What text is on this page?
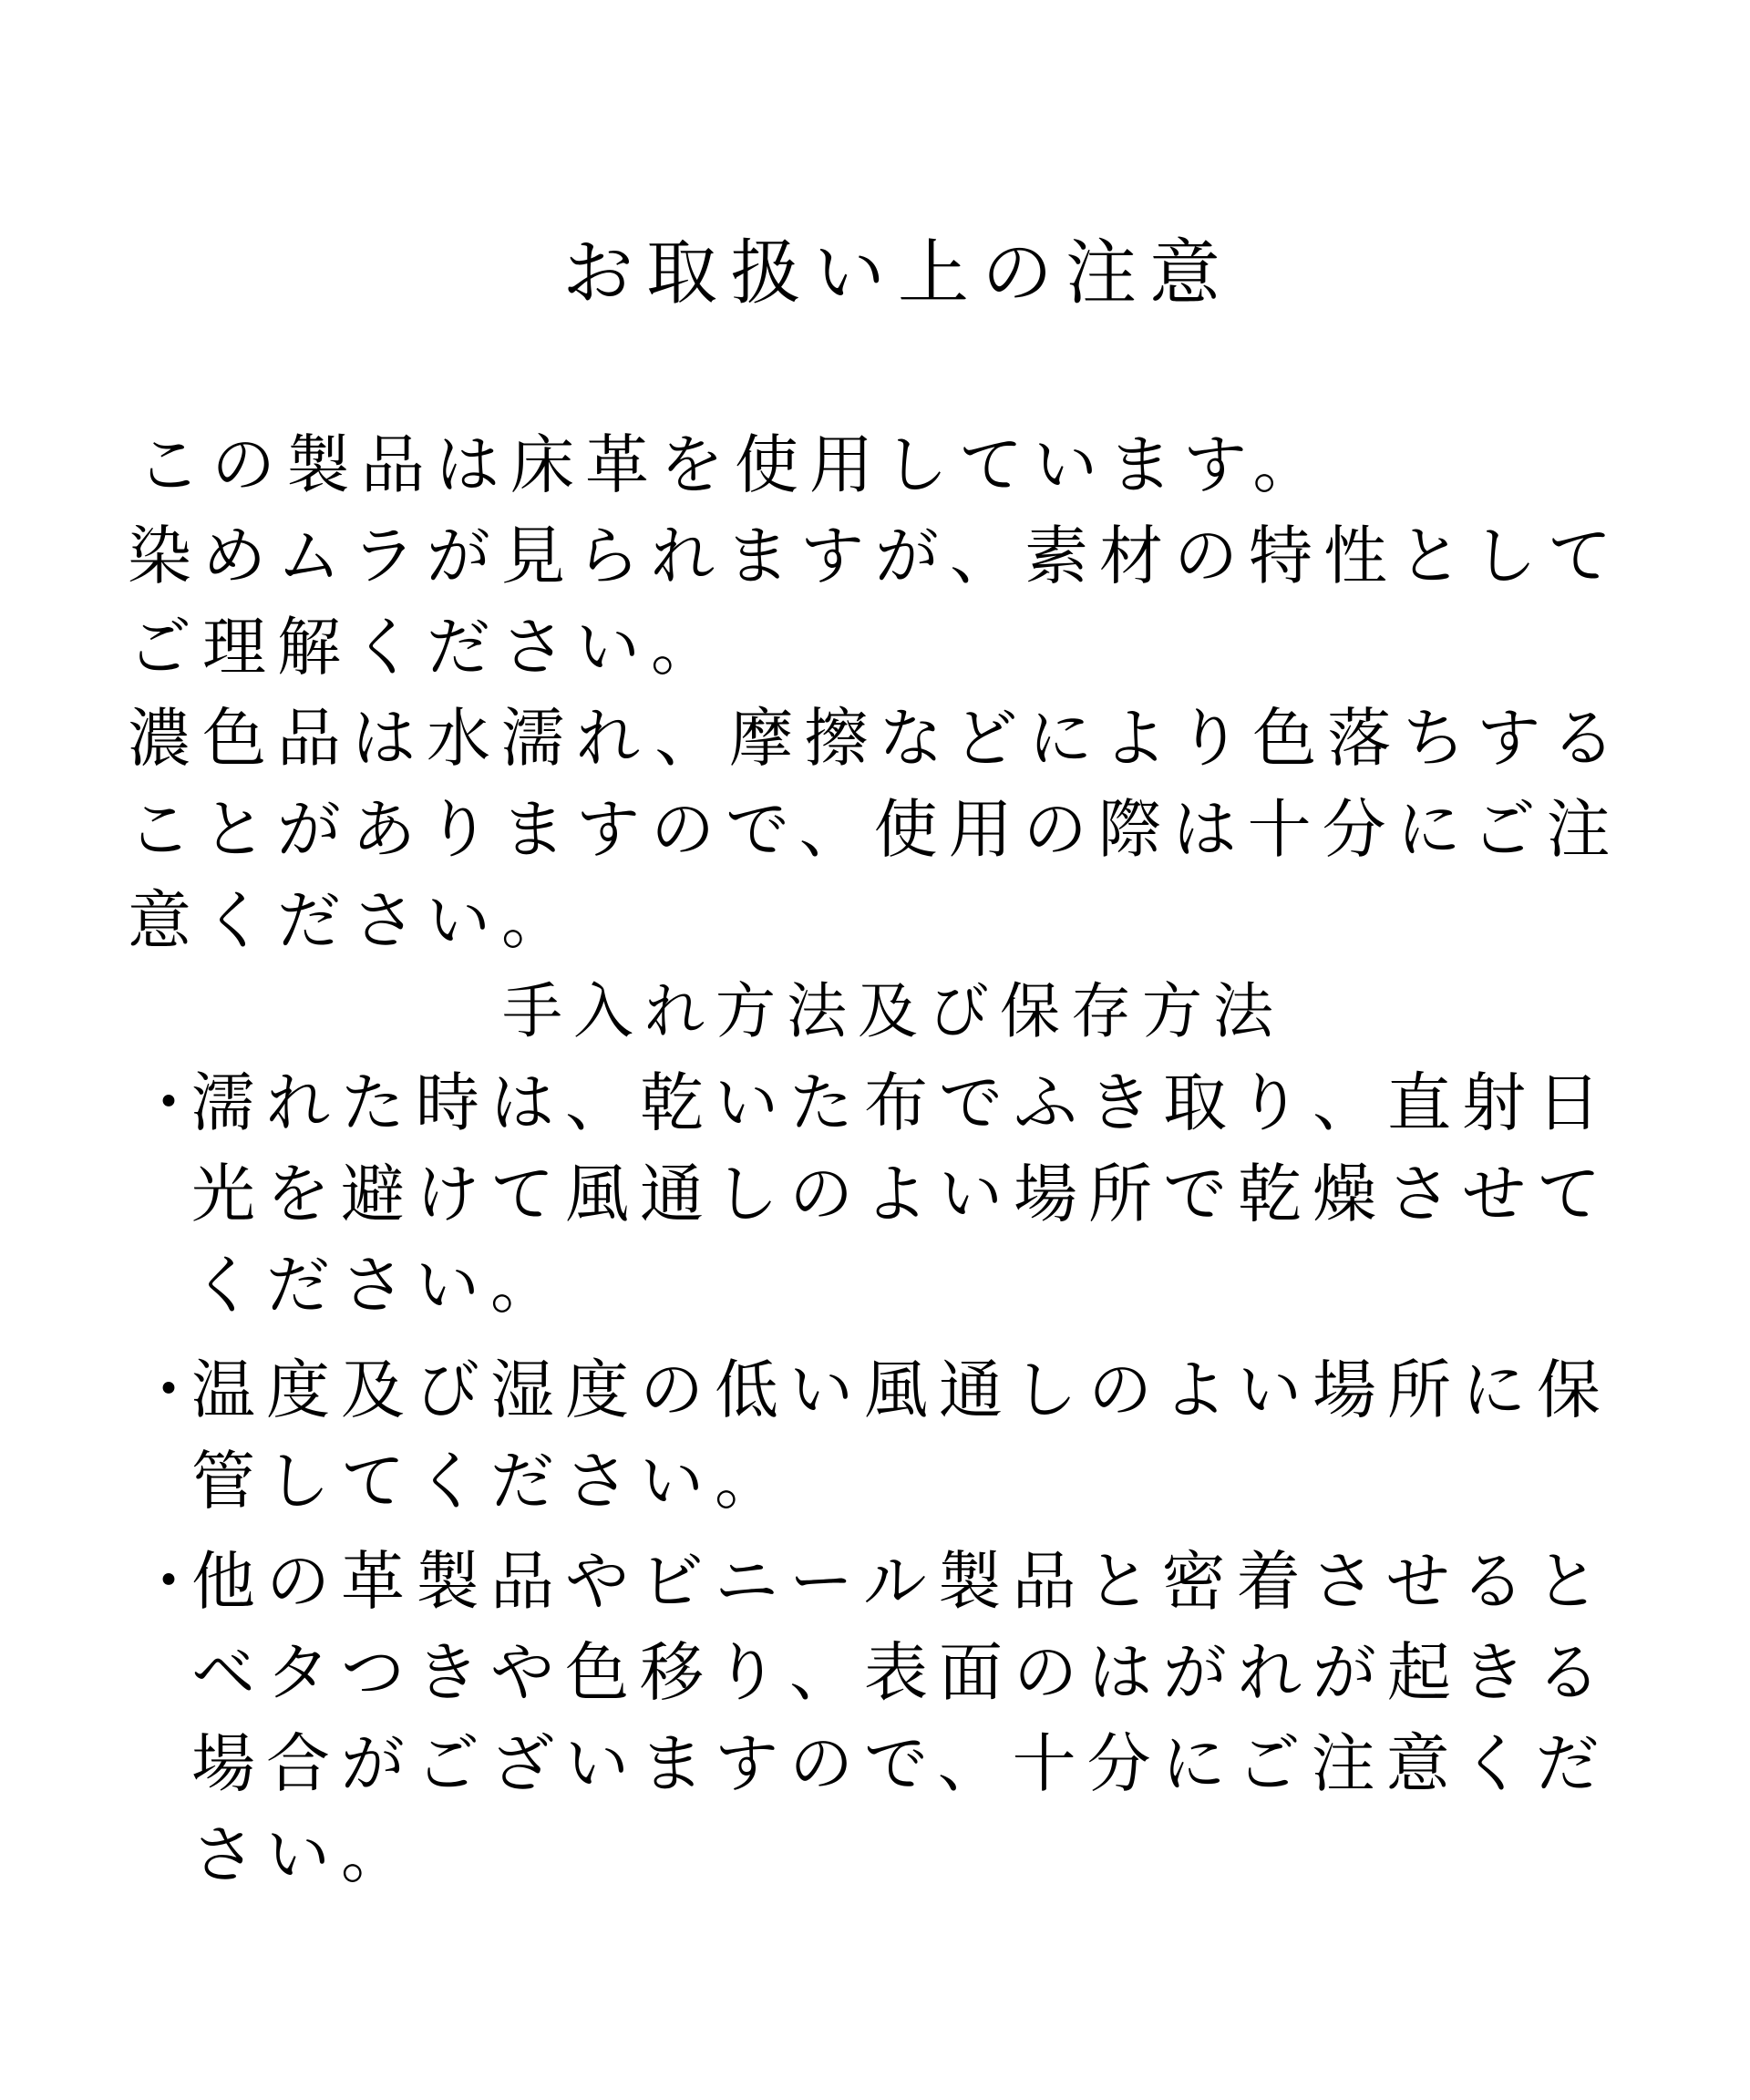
お取扱い上の注意
この製品は床革を使用しています。
染めムラが見られますが、素材の特性として
ご理解ください。
濃色品は水濡れ、摩擦などにより色落ちする
ことがありますので、使用の際は十分にご注
意ください。
手入れ方法及び保存方法
・
濡れた時は、乾いた布でふき取り、直射日
光を避けて風通しのよい場所で乾燥させて
ください。
・
温度及び湿度の低い風通しのよい場所に保
管してください。
・
他の革製品やビニール製品と密着させると
ベタつきや色移り、表面のはがれが起きる
場合がございますので、十分にご注意くだ
さい。
